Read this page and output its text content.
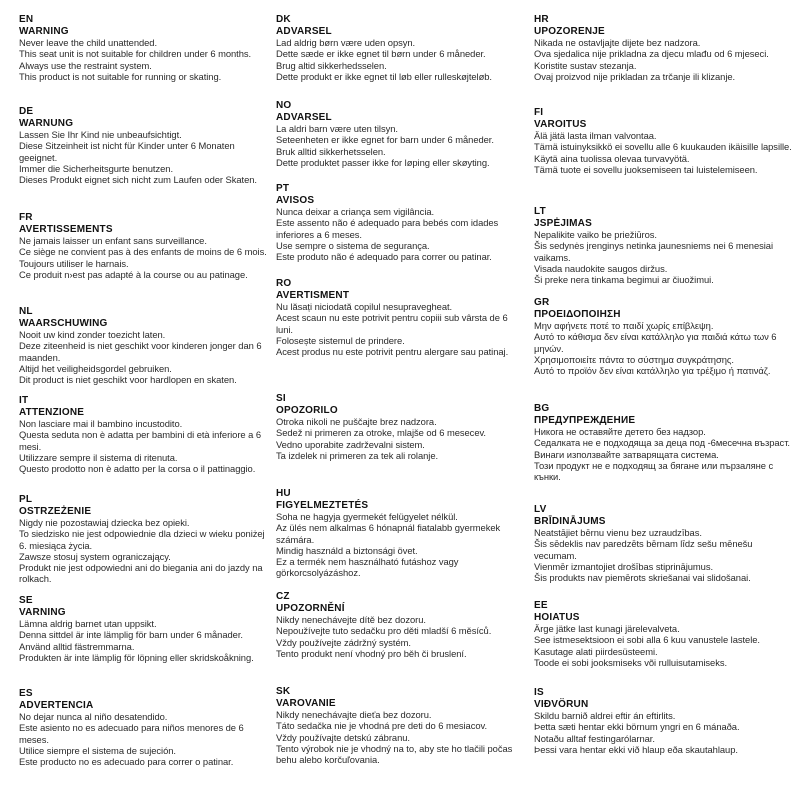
EN
WARNING
Never leave the child unattended.
This seat unit is not suitable for children under 6 months.
Always use the restraint system.
This product is not suitable for running or skating.
DE
WARNUNG
Lassen Sie Ihr Kind nie unbeaufsichtigt.
Diese Sitzeinheit ist nicht für Kinder unter 6 Monaten geeignet.
Immer die Sicherheitsgurte benutzen.
Dieses Produkt eignet sich nicht zum Laufen oder Skaten.
FR
AVERTISSEMENTS
Ne jamais laisser un enfant sans surveillance.
Ce siège ne convient pas à des enfants de moins de 6 mois.
Toujours utiliser le harnais.
Ce produit n›est pas adapté à la course ou au patinage.
NL
WAARSCHUWING
Nooit uw kind zonder toezicht laten.
Deze ziteenheid is niet geschikt voor kinderen jonger dan 6 maanden.
Altijd het veiligheidsgordel gebruiken.
Dit product is niet geschikt voor hardlopen en skaten.
IT
ATTENZIONE
Non lasciare mai il bambino incustodito.
Questa seduta non è adatta per bambini di età inferiore a 6 mesi.
Utilizzare sempre il sistema di ritenuta.
Questo prodotto non è adatto per la corsa o il pattinaggio.
PL
OSTRZEŻENIE
Nigdy nie pozostawiaj dziecka bez opieki.
To siedzisko nie jest odpowiednie dla dzieci w wieku poniżej 6. miesiąca życia.
Zawsze stosuj system ograniczający.
Produkt nie jest odpowiedni ani do biegania ani do jazdy na rolkach.
SE
VARNING
Lämna aldrig barnet utan uppsikt.
Denna sittdel är inte lämplig för barn under 6 månader.
Använd alltid fästremmarna.
Produkten är inte lämplig för löpning eller skridskoåkning.
ES
ADVERTENCIA
No dejar nunca al niño desatendido.
Este asiento no es adecuado para niños menores de 6 meses.
Utilice siempre el sistema de sujeción.
Este producto no es adecuado para correr o patinar.
DK
ADVARSEL
Lad aldrig børn være uden opsyn.
Dette sæde er ikke egnet til børn under 6 måneder.
Brug altid sikkerhedsselen.
Dette produkt er ikke egnet til løb eller rulleskøjteløb.
NO
ADVARSEL
La aldri barn være uten tilsyn.
Seteenheten er ikke egnet for barn under 6 måneder.
Bruk alltid sikkerhetsselen.
Dette produktet passer ikke for løping eller skøyting.
PT
AVISOS
Nunca deixar a criança sem vigilância.
Este assento não é adequado para bebés com idades inferiores a 6 meses.
Use sempre o sistema de segurança.
Este produto não é adequado para correr ou patinar.
RO
AVERTISMENT
Nu lăsați niciodată copilul nesupravegheat.
Acest scaun nu este potrivit pentru copiii sub vârsta de 6 luni.
Folosește sistemul de prindere.
Acest produs nu este potrivit pentru alergare sau patinaj.
SI
OPOZORILO
Otroka nikoli ne puščajte brez nadzora.
Sedež ni primeren za otroke, mlajše od 6 mesecev.
Vedno uporabite zadrževalni sistem.
Ta izdelek ni primeren za tek ali rolanje.
HU
FIGYELMEZTETÉS
Soha ne hagyja gyermekét felügyelet nélkül.
Az ülés nem alkalmas 6 hónapnál fiatalabb gyermekek számára.
Mindig használd a biztonsági övet.
Ez a termék nem használható futáshoz vagy görkorcsolyázáshoz.
CZ
UPOZORNĚNÍ
Nikdy nenechávejte dítě bez dozoru.
Nepoužívejte tuto sedačku pro děti mladší 6 měsíců.
Vždy používejte zádržný systém.
Tento produkt není vhodný pro běh či bruslení.
SK
VAROVANIE
Nikdy nenechávajte dieťa bez dozoru.
Táto sedačka nie je vhodná pre deti do 6 mesiacov.
Vždy používajte detskú zábranu.
Tento výrobok nie je vhodný na to, aby ste ho tlačili počas behu alebo korčuľovania.
HR
UPOZORENJE
Nikada ne ostavljajte dijete bez nadzora.
Ova sjedalica nije prikladna za djecu mlađu od 6 mjeseci.
Koristite sustav stezanja.
Ovaj proizvod nije prikladan za trčanje ili klizanje.
FI
VAROITUS
Älä jätä lasta ilman valvontaa.
Tämä istuinyksikkö ei sovellu alle 6 kuukauden ikäisille lapsille.
Käytä aina tuolissa olevaa turvavyötä.
Tämä tuote ei sovellu juoksemiseen tai luistelemiseen.
LT
JSPĖJIMAS
Nepalikite vaiko be priežiūros.
Šis sedynės įrenginys netinka jaunesniems nei 6 menesiai vaikams.
Visada naudokite saugos diržus.
Ši preke nera tinkama begimui ar čiuožimui.
GR
ΠΡΟΕΙΔΟΠΟΙΗΣΗ
Μην αφήνετε ποτέ το παιδί χωρίς επίβλεψη.
Αυτό το κάθισμα δεν είναι κατάλληλο για παιδιά κάτω των 6 μηνών.
Χρησιμοποιείτε πάντα το σύστημα συγκράτησης.
Αυτό το προϊόν δεν είναι κατάλληλο για τρέξιμο ή πατινάζ.
BG
ПРЕДУПРЕЖДЕНИЕ
Никога не оставяйте детето без надзор.
Седалката не е подходяща за деца под -6месечна възраст.
Винаги използвайте затварящата система.
Този продукт не е подходящ за бягане или пързаляне с кънки.
LV
BRĪDINĀJUMS
Neatstājiet bērnu vienu bez uzraudzības.
Šis sēdeklis nav paredzēts bērnam līdz sešu mēnešu vecumam.
Vienmēr izmantojiet drošības stiprinājumus.
Šis produkts nav piemērots skriešanai vai slidošanai.
EE
HOIATUS
Ärge jätke last kunagi järelevalveta.
See istmesektsioon ei sobi alla 6 kuu vanustele lastele.
Kasutage alati piirdesüsteemi.
Toode ei sobi jooksmiseks või rulluisutamiseks.
IS
VIÐVÖRUN
Skildu barnið aldrei eftir án eftirlits.
Þetta sæti hentar ekki börnum yngri en 6 mánaða.
Notaðu alltaf festingarólarnar.
Þessi vara hentar ekki við hlaup eða skautahlaup.
